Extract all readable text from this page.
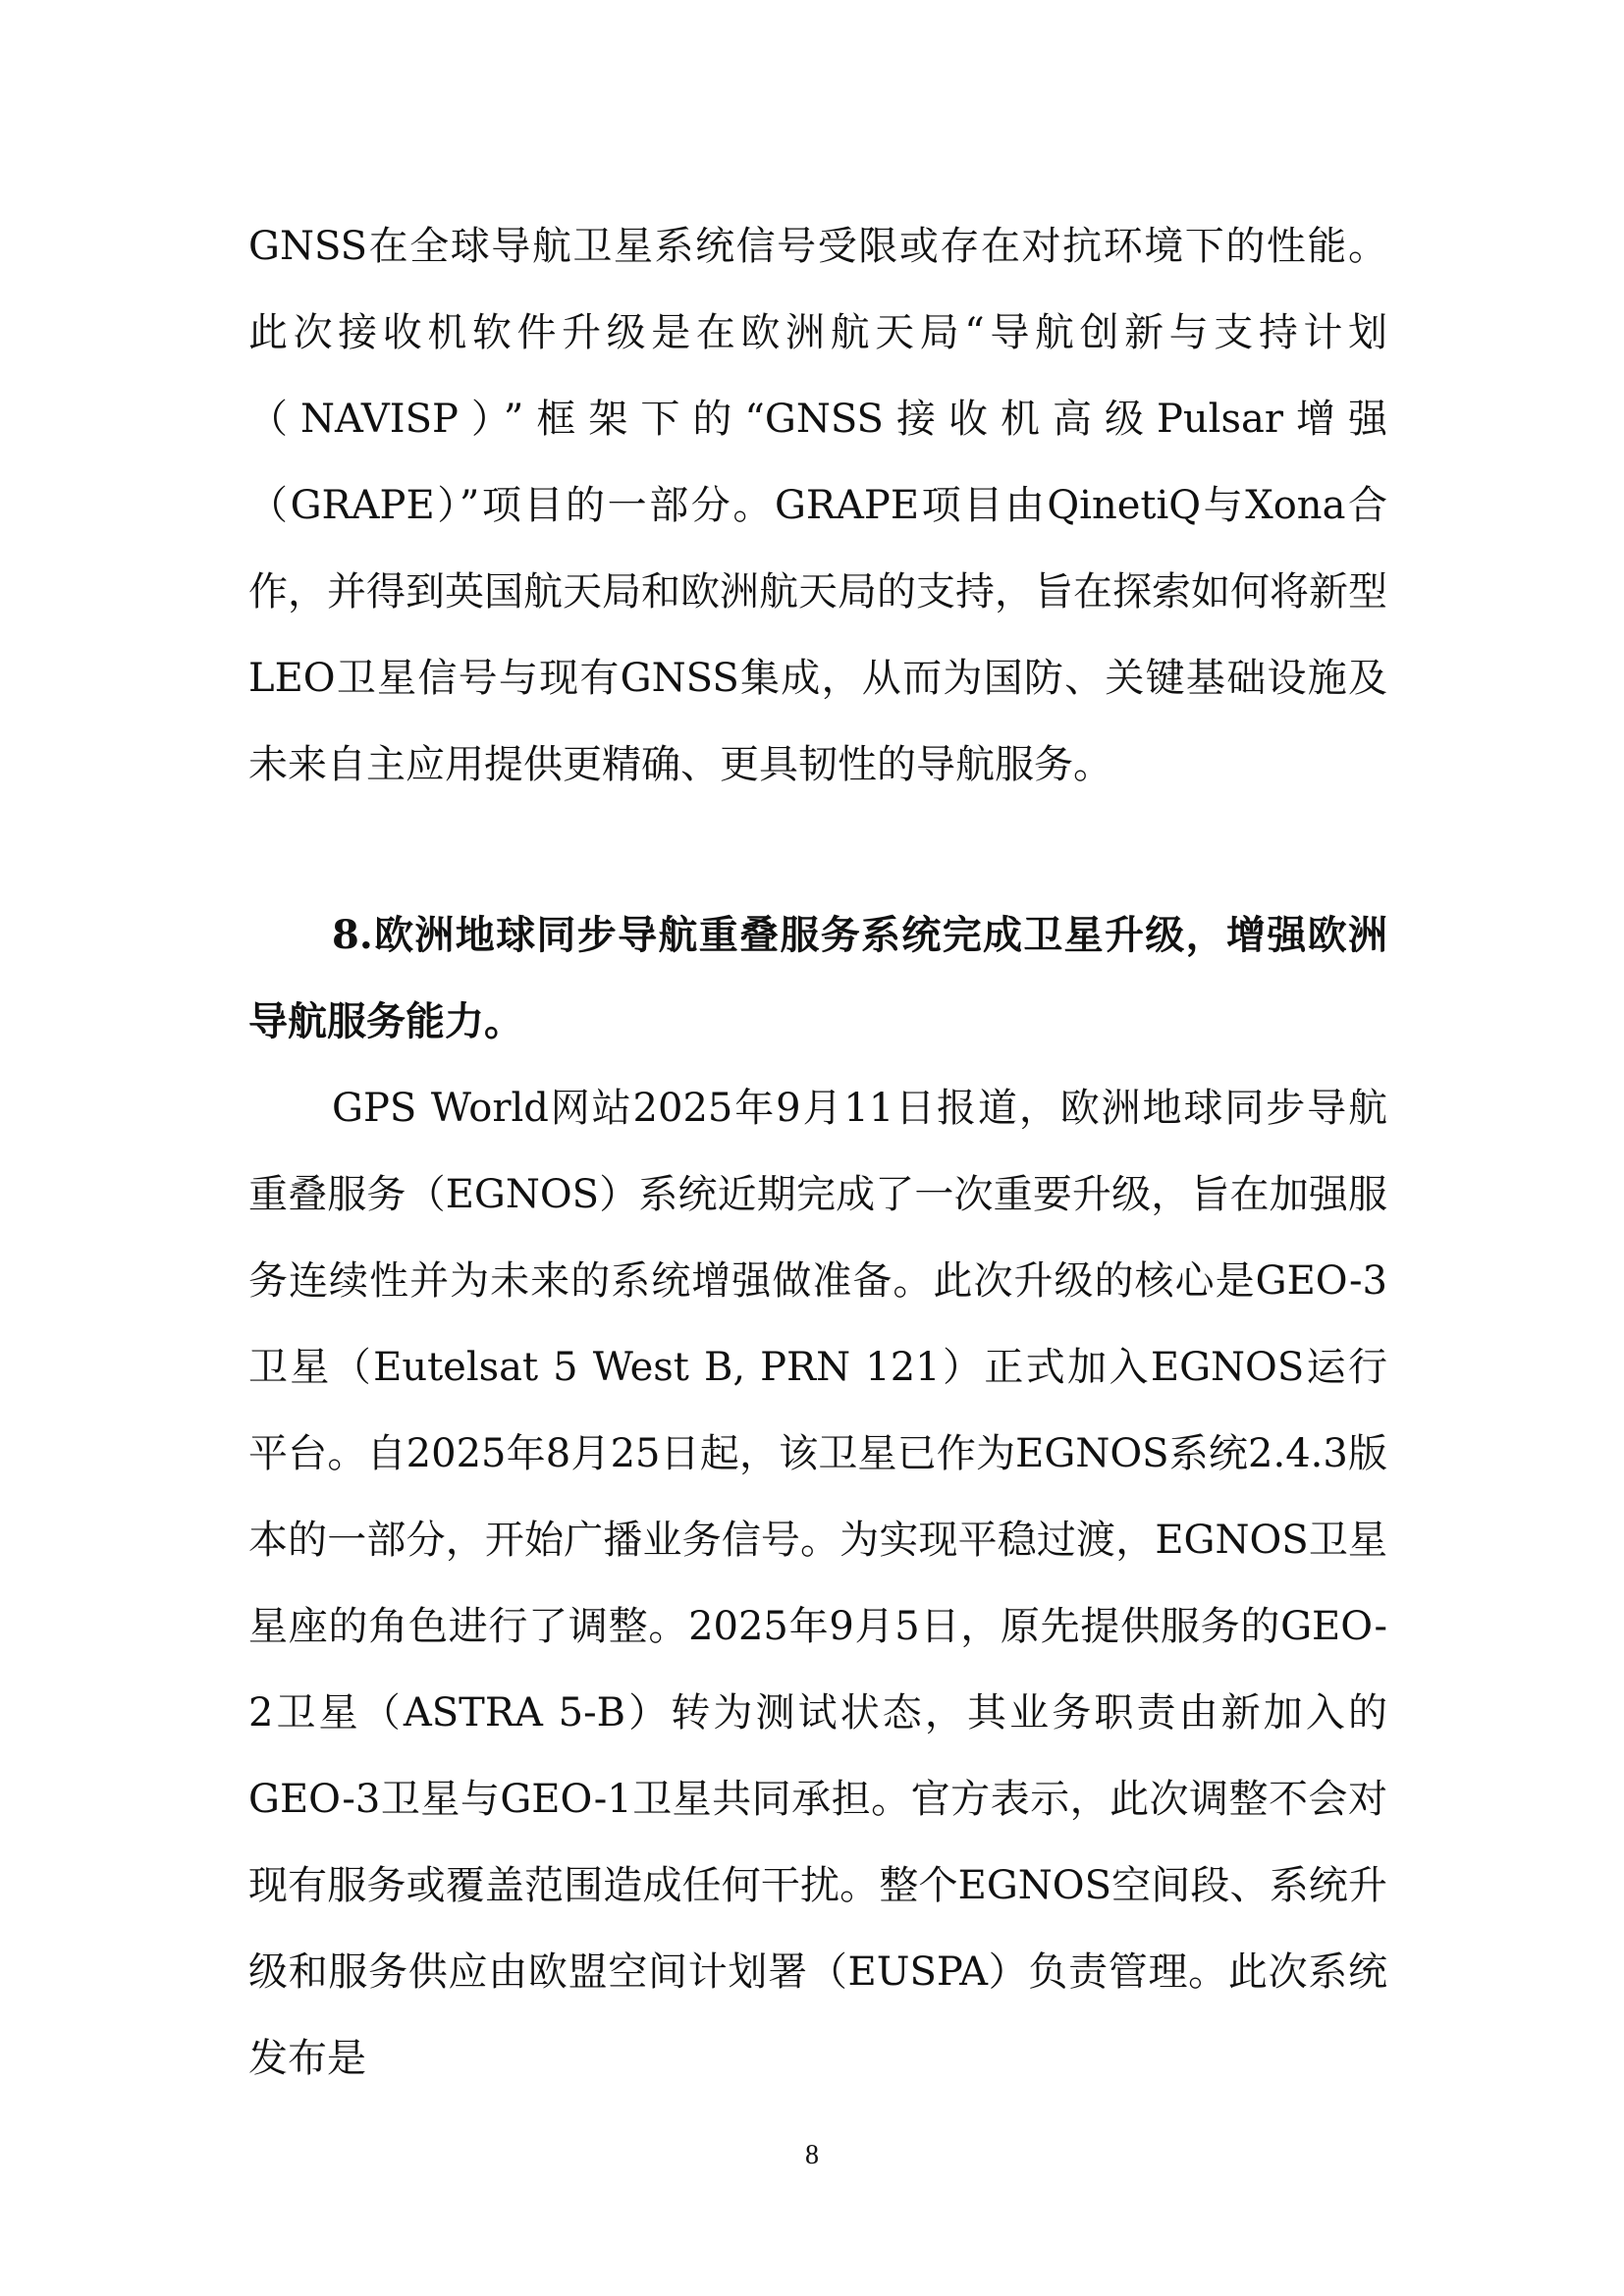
GNSS在全球导航卫星系统信号受限或存在对抗环境下的性能。此次接收机软件升级是在欧洲航天局“导航创新与支持计划（NAVISP）”框架下的“GNSS接收机高级Pulsar增强（GRAPE）”项目的一部分。GRAPE项目由QinetiQ与Xona合作，并得到英国航天局和欧洲航天局的支持，旨在探索如何将新型LEO卫星信号与现有GNSS集成，从而为国防、关键基础设施及未来自主应用提供更精确、更具韧性的导航服务。

8.欧洲地球同步导航重叠服务系统完成卫星升级，增强欧洲导航服务能力。

GPS World网站2025年9月11日报道，欧洲地球同步导航重叠服务（EGNOS）系统近期完成了一次重要升级，旨在加强服务连续性并为未来的系统增强做准备。此次升级的核心是GEO-3卫星（Eutelsat 5 West B, PRN 121）正式加入EGNOS运行平台。自2025年8月25日起，该卫星已作为EGNOS系统2.4.3版本的一部分，开始广播业务信号。为实现平稳过渡，EGNOS卫星星座的角色进行了调整。2025年9月5日，原先提供服务的GEO-2卫星（ASTRA 5-B）转为测试状态，其业务职责由新加入的GEO-3卫星与GEO-1卫星共同承担。官方表示，此次调整不会对现有服务或覆盖范围造成任何干扰。整个EGNOS空间段、系统升级和服务供应由欧盟空间计划署（EUSPA）负责管理。此次系统发布是

8
